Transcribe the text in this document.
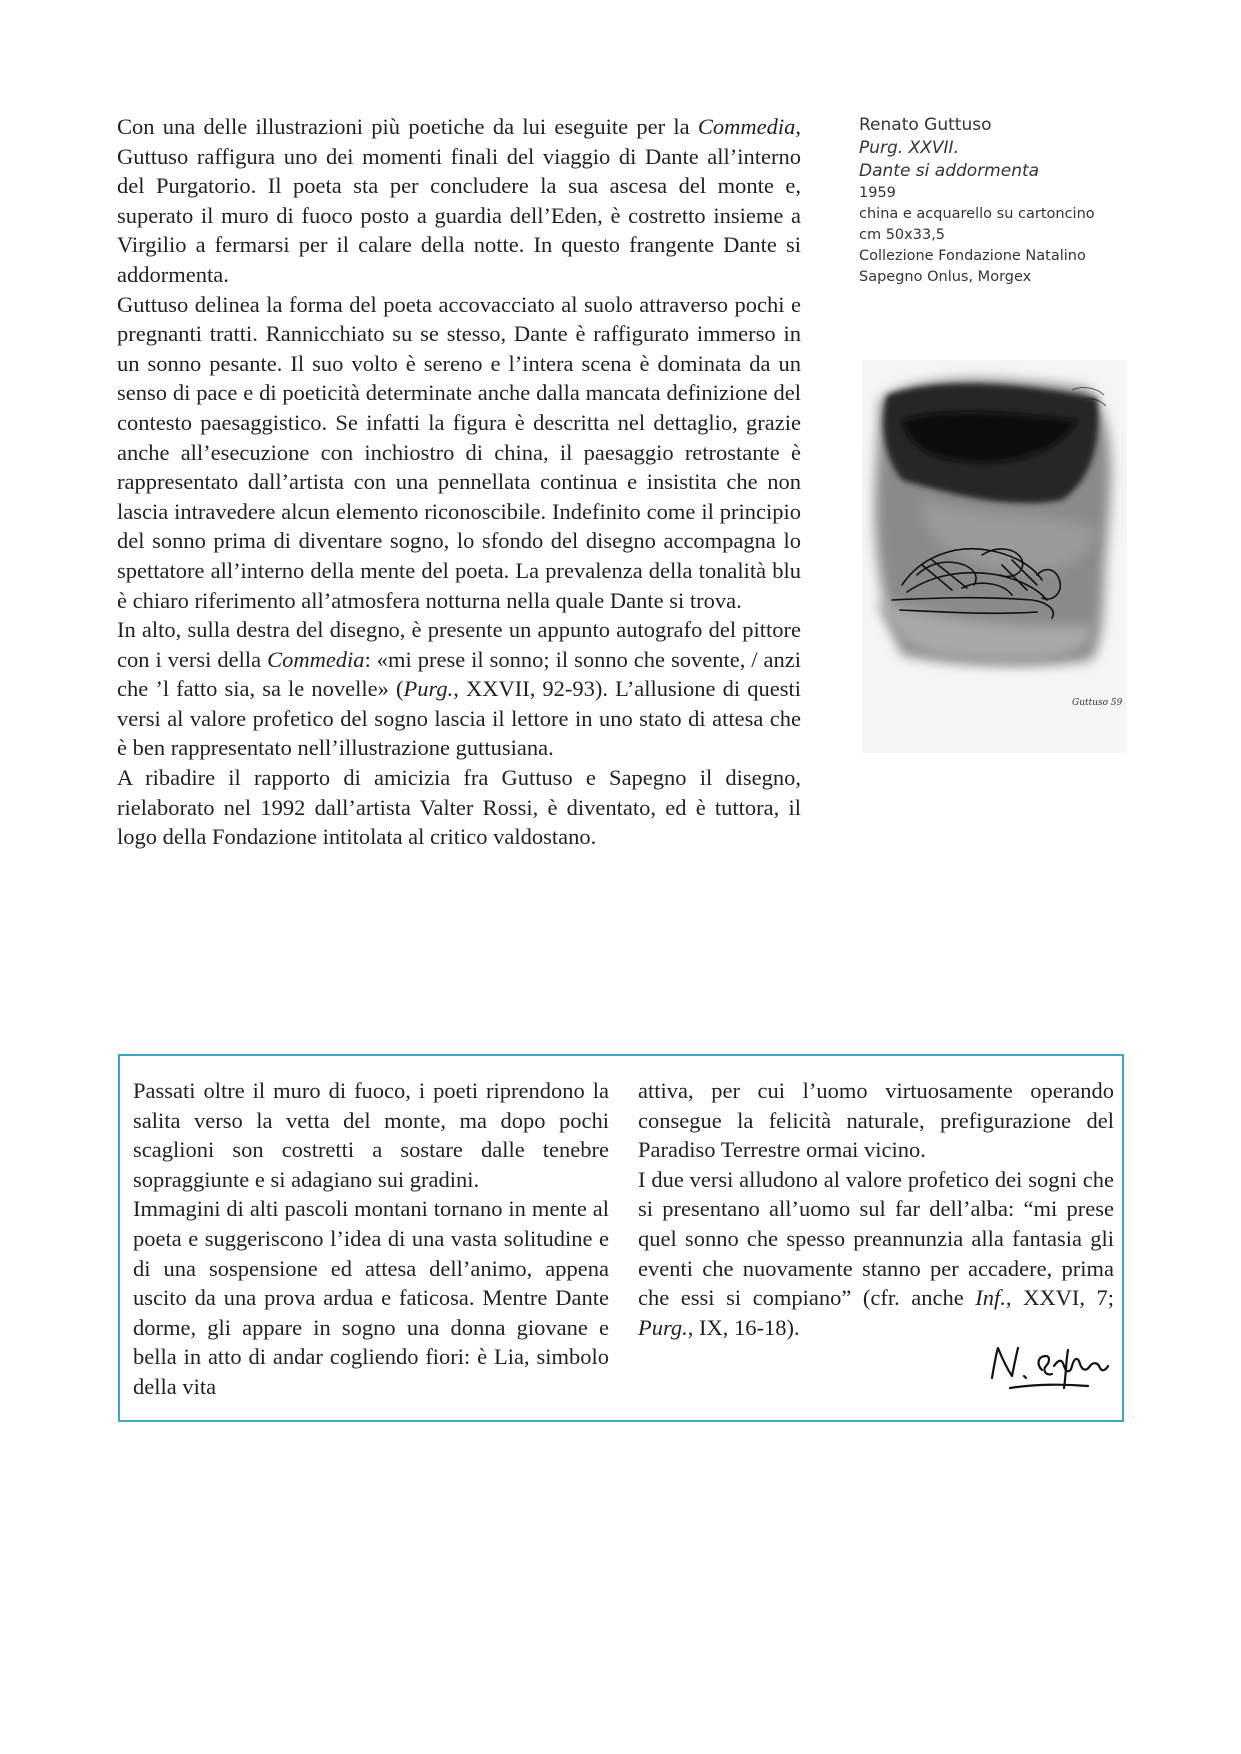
Con una delle illustrazioni più poetiche da lui eseguite per la Commedia, Guttuso raffigura uno dei momenti finali del viaggio di Dante all’interno del Purgatorio. Il poeta sta per concludere la sua ascesa del monte e, superato il muro di fuoco posto a guardia dell’Eden, è costretto insieme a Virgilio a fermarsi per il calare della notte. In questo frangente Dante si addormenta.

Guttuso delinea la forma del poeta accovacciato al suolo attraverso pochi e pregnanti tratti. Rannicchiato su se stesso, Dante è raffigurato immerso in un sonno pesante. Il suo volto è sereno e l’intera scena è dominata da un senso di pace e di poeticità determinate anche dalla mancata definizione del contesto paesaggistico. Se infatti la figura è descritta nel dettaglio, grazie anche all’esecuzione con inchiostro di china, il paesaggio retrostante è rappresentato dall’artista con una pennellata continua e insistita che non lascia intravedere alcun elemento riconoscibile. Indefinito come il principio del sonno prima di diventare sogno, lo sfondo del disegno accompagna lo spettatore all’interno della mente del poeta. La prevalenza della tonalità blu è chiaro riferimento all’atmosfera notturna nella quale Dante si trova.

In alto, sulla destra del disegno, è presente un appunto autografo del pittore con i versi della Commedia: «mi prese il sonno; il sonno che sovente, / anzi che ’l fatto sia, sa le novelle» (Purg., XXVII, 92-93). L’allusione di questi versi al valore profetico del sogno lascia il lettore in uno stato di attesa che è ben rappresentato nell’illustrazione guttusiana.

A ribadire il rapporto di amicizia fra Guttuso e Sapegno il disegno, rielaborato nel 1992 dall’artista Valter Rossi, è diventato, ed è tuttora, il logo della Fondazione intitolata al critico valdostano.

Renato Guttuso
Purg. XXVII.
Dante si addormenta
1959
china e acquarello su cartoncino
cm 50x33,5
Collezione Fondazione Natalino
Sapegno Onlus, Morgex
Guttuso 59

Passati oltre il muro di fuoco, i poeti riprendono la salita verso la vetta del monte, ma dopo pochi scaglioni son costretti a sostare dalle tenebre sopraggiunte e si adagiano sui gradini.

Immagini di alti pascoli montani tornano in mente al poeta e suggeriscono l’idea di una vasta solitudine e di una sospensione ed attesa dell’animo, appena uscito da una prova ardua e faticosa. Mentre Dante dorme, gli appare in sogno una donna giovane e bella in atto di andar cogliendo fiori: è Lia, simbolo della vita

attiva, per cui l’uomo virtuosamente operando consegue la felicità naturale, prefigurazione del Paradiso Terrestre ormai vicino.

I due versi alludono al valore profetico dei sogni che si presentano all’uomo sul far dell’alba: “mi prese quel sonno che spesso preannunzia alla fantasia gli eventi che nuovamente stanno per accadere, prima che essi si compiano” (cfr. anche Inf., XXVI, 7; Purg., IX, 16-18).
